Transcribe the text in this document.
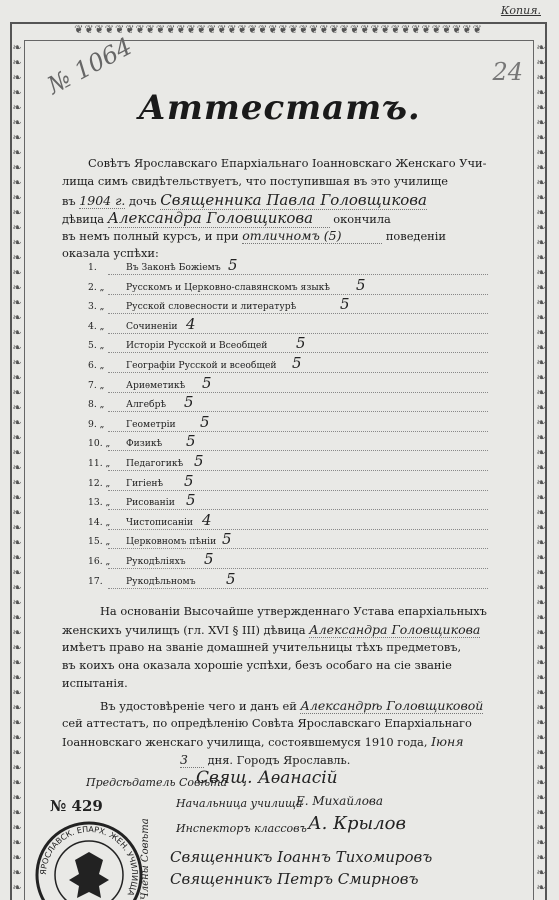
❦❦❦❦❦❦❦❦❦❦❦❦❦❦❦❦❦❦❦❦❦❦❦❦❦❦❦❦❦❦❦❦❦❦❦❦❦❦❦❦
❧❧❧❧❧❧❧❧❧❧❧❧❧❧❧❧❧❧❧❧❧❧❧❧❧❧❧❧❧❧❧❧❧❧❧❧❧❧❧❧❧❧❧❧❧❧❧❧❧❧❧❧❧❧❧❧❧
❧❧❧❧❧❧❧❧❧❧❧❧❧❧❧❧❧❧❧❧❧❧❧❧❧❧❧❧❧❧❧❧❧❧❧❧❧❧❧❧❧❧❧❧❧❧❧❧❧❧❧❧❧❧❧❧❧
Копия.
№ 1064	24
Аттестатъ.
Совѣтъ Ярославскаго Епархіальнаго Іоанновскаго Женскаго Учи-
лища симъ свидѣтельствуетъ, что поступившая въ это училище
въ 1904 г. дочь Священника Павла Головщикова
дѣвица Александра Головщикова окончила
въ немъ полный курсъ, и при отличномъ (5)	поведеніи
оказала успѣхи:
1.	Въ Законѣ Божіемъ 5
2. „ Русскомъ и Церковно-славянскомъ языкѣ 5
3. „ Русской словесности и литературѣ	5
4. „ Сочиненіи 4
5. „ Исторіи Русской и Всеобщей 5
6. „ Географіи Русской и всеобщей 5
7. „ Ариѳметикѣ 5
8. „ Алгебрѣ 5
9. „ Геометріи 5
10. „ Физикѣ 5
11. „ Педагогикѣ 5
12. „ Гигіенѣ 5
13. „ Рисованіи 5
14. „ Чистописаніи 4
15. „ Церковномъ пѣніи 5
16. „ Рукодѣліяхъ 5
17.	Рукодѣльномъ 5
На основаніи Высочайше утвержденнаго Устава епархіальныхъ
женскихъ училищъ (гл. XVI § III) дѣвица Александра Головщикова
имѣетъ право на званіе домашней учительницы тѣхъ предметовъ,
въ коихъ она оказала хорошіе успѣхи, безъ особаго на сіе званіе
испытанія.
Въ удостовѣреніе чего и данъ ей Александрѣ Головщиковой
сей аттестатъ, по опредѣленію Совѣта Ярославскаго Епархіальнаго
Іоанновскаго женскаго училища, состоявшемуся 1910 года, Іюня
3 дня. Городъ Ярославль.
Предсѣдатель Совѣта
Свящ. Аѳанасій
№ 429	Начальница училища
Е. Михайлова
Инспекторъ классовъ А. Крылов
Члены Совѣта Священникъ Іоаннъ Тихомировъ
Священникъ Петръ Смирновъ
ЯРОСЛАВСК. ЕПАРХ. ЖЕН. УЧИЛИЩА
